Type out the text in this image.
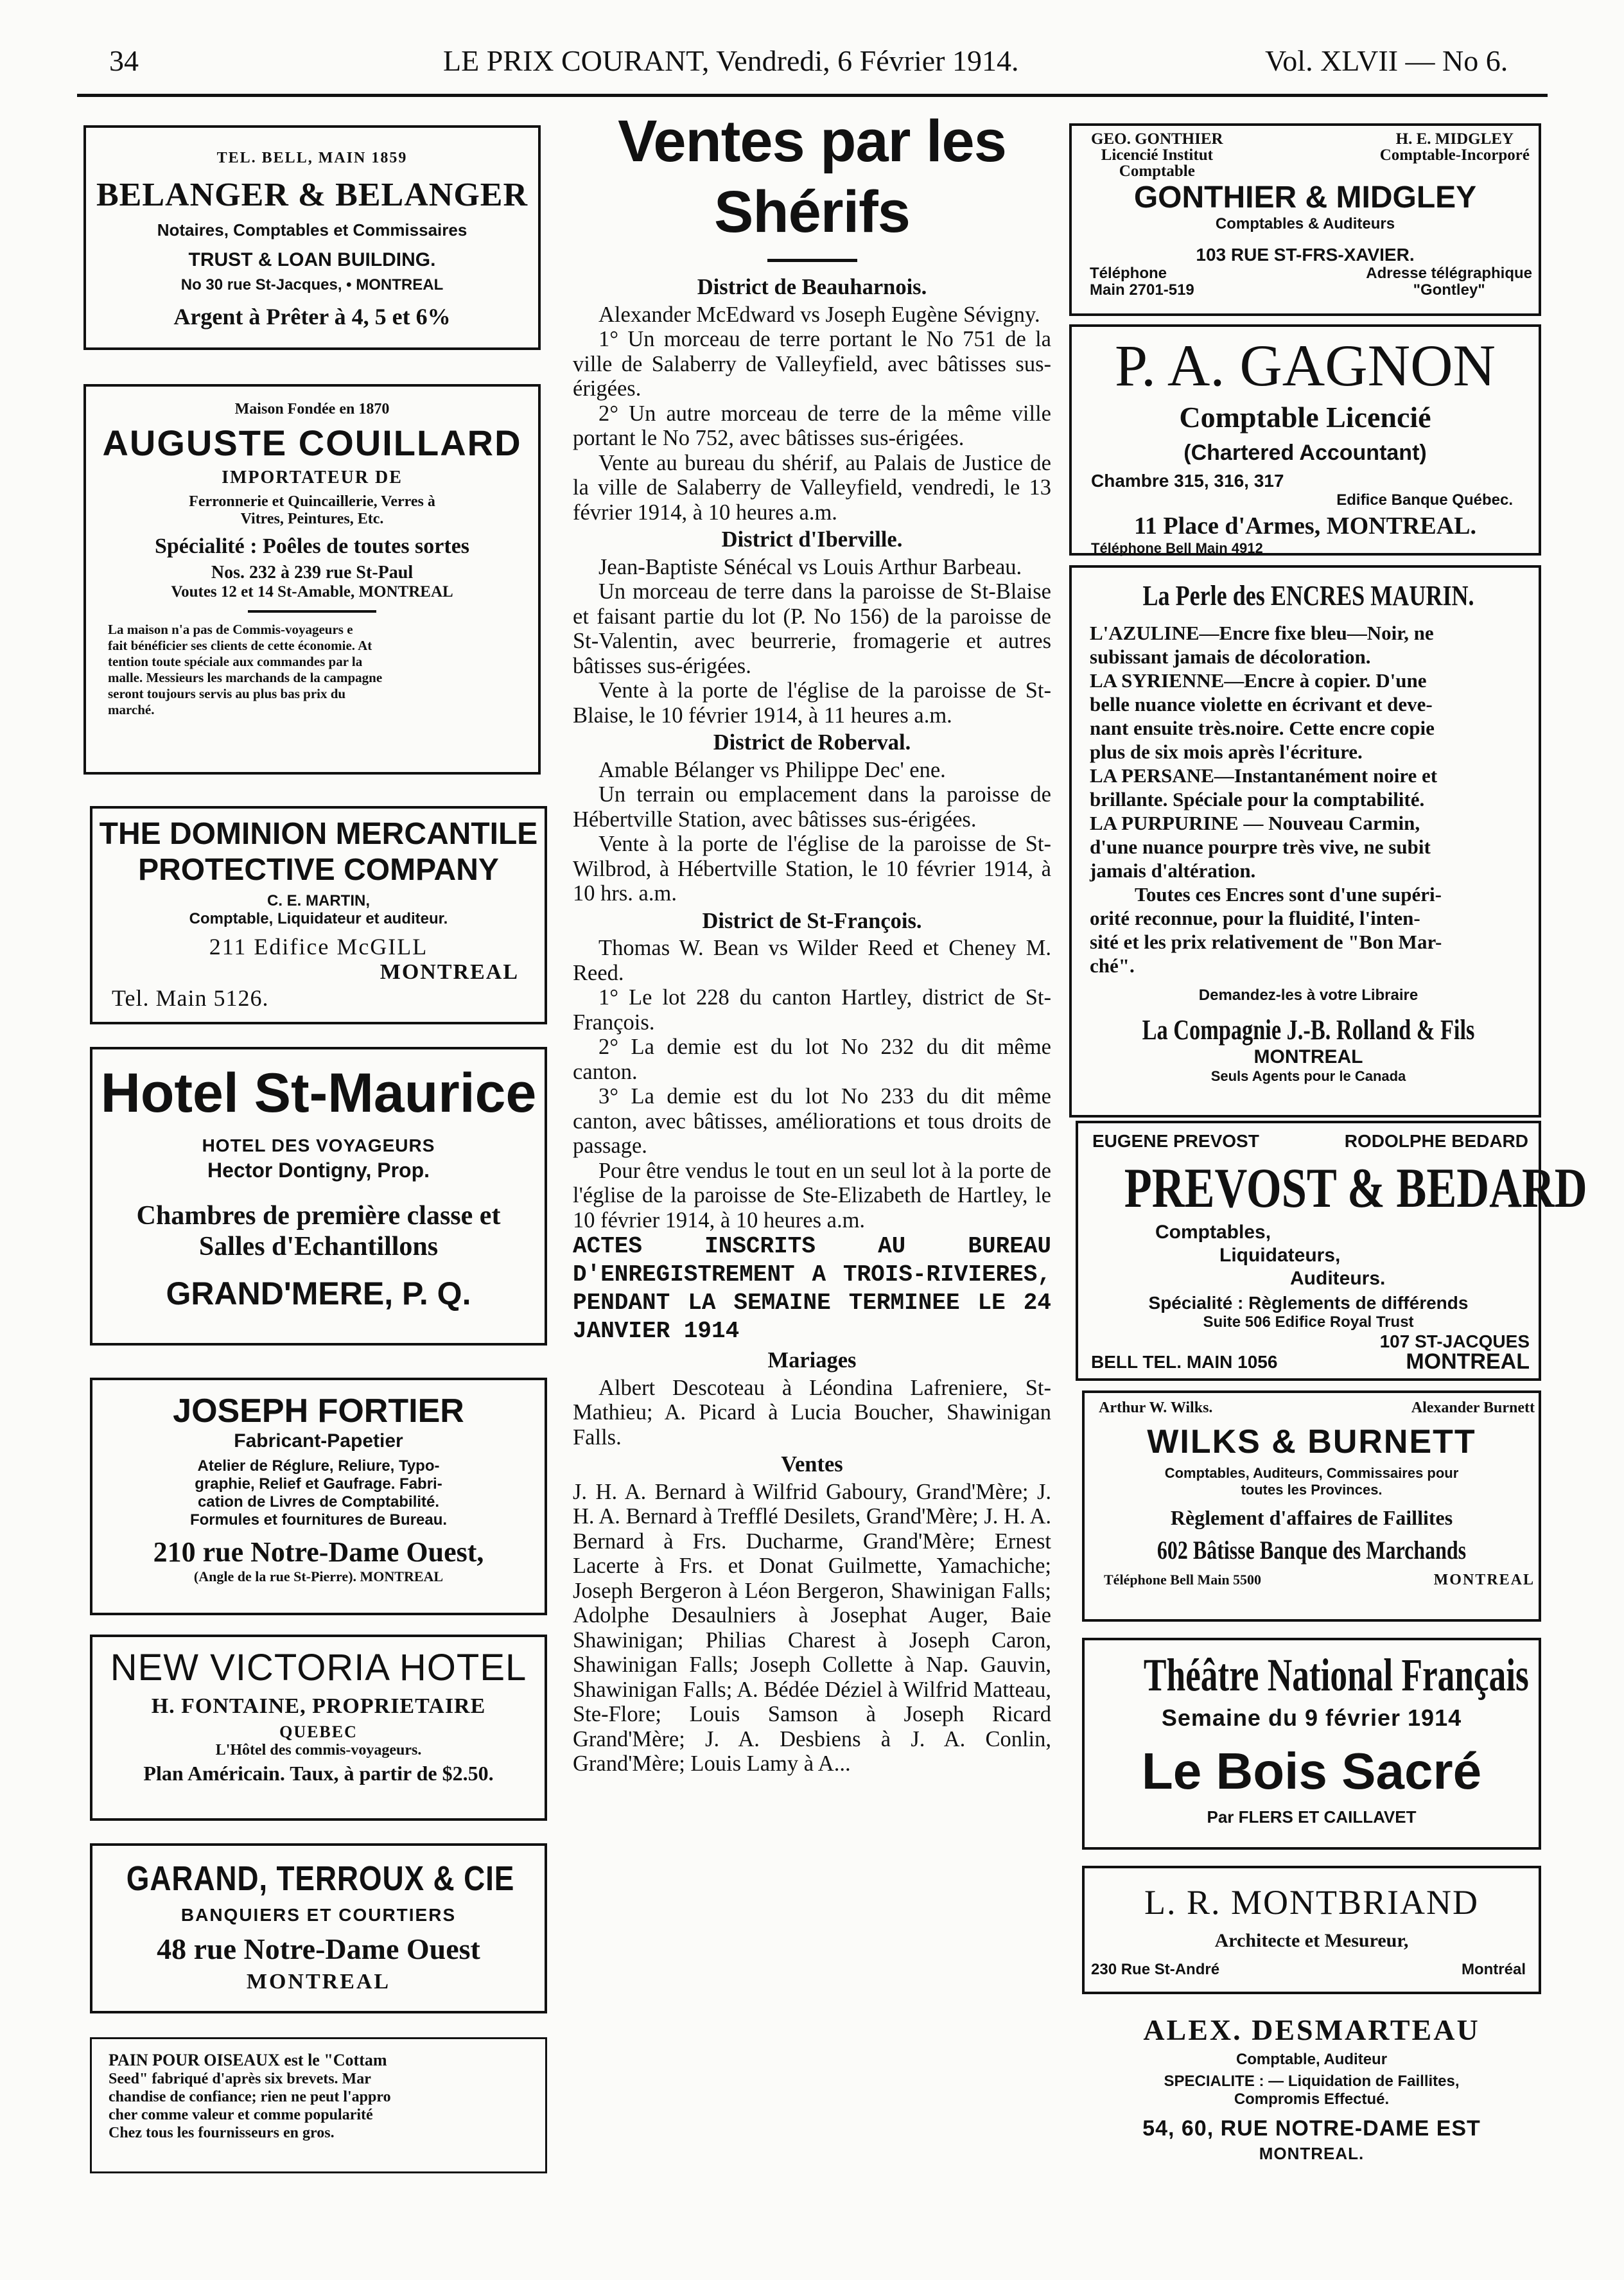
34	LE PRIX COURANT, Vendredi, 6 Février 1914.	Vol. XLVII — No 6.
TEL. BELL, MAIN 1859
BELANGER & BELANGER
Notaires, Comptables et Commissaires
TRUST & LOAN BUILDING.
No 30 rue St-Jacques, • MONTREAL
Argent à Prêter à 4, 5 et 6%
Maison Fondée en 1870
AUGUSTE COUILLARD
IMPORTATEUR DE
Ferronnerie et Quincaillerie, Verres à
Vitres, Peintures, Etc.
Spécialité : Poêles de toutes sortes
Nos. 232 à 239 rue St-Paul
Voutes 12 et 14 St-Amable, MONTREAL
La maison n'a pas de Commis-voyageurs e
fait bénéficier ses clients de cette économie. At
tention toute spéciale aux commandes par la
malle. Messieurs les marchands de la campagne
seront toujours servis au plus bas prix du
marché.
THE DOMINION MERCANTILE
PROTECTIVE COMPANY
C. E. MARTIN,
Comptable, Liquidateur et auditeur.
211 Edifice McGILL
MONTREAL
Tel. Main 5126.
Hotel St-Maurice
HOTEL DES VOYAGEURS
Hector Dontigny, Prop.
Chambres de première classe et
Salles d'Echantillons
GRAND'MERE, P. Q.
JOSEPH FORTIER
Fabricant-Papetier
Atelier de Réglure, Reliure, Typo-
graphie, Relief et Gaufrage. Fabri-
cation de Livres de Comptabilité.
Formules et fournitures de Bureau.
210 rue Notre-Dame Ouest,
(Angle de la rue St-Pierre). MONTREAL
NEW VICTORIA HOTEL
H. FONTAINE, PROPRIETAIRE
QUEBEC
L'Hôtel des commis-voyageurs.
Plan Américain. Taux, à partir de $2.50.
GARAND, TERROUX & CIE
BANQUIERS ET COURTIERS
48 rue Notre-Dame Ouest
MONTREAL
PAIN POUR OISEAUX est le "Cottam
Seed" fabriqué d'après six brevets. Mar
chandise de confiance; rien ne peut l'appro
cher comme valeur et comme popularité
Chez tous les fournisseurs en gros.
Ventes par les Shérifs

District de Beauharnois.

Alexander McEdward vs Joseph Eugène Sévigny.

1° Un morceau de terre portant le No 751 de la ville de Salaberry de Valleyfield, avec bâtisses sus-érigées.

2° Un autre morceau de terre de la même ville portant le No 752, avec bâtisses sus-érigées.

Vente au bureau du shérif, au Palais de Justice de la ville de Salaberry de Valleyfield, vendredi, le 13 février 1914, à 10 heures a.m.

District d'Iberville.

Jean-Baptiste Sénécal vs Louis Arthur Barbeau.

Un morceau de terre dans la paroisse de St-Blaise et faisant partie du lot (P. No 156) de la paroisse de St-Valentin, avec beurrerie, fromagerie et autres bâtisses sus-érigées.

Vente à la porte de l'église de la paroisse de St-Blaise, le 10 février 1914, à 11 heures a.m.

District de Roberval.

Amable Bélanger vs Philippe Dec' ene.

Un terrain ou emplacement dans la paroisse de Hébertville Station, avec bâtisses sus-érigées.

Vente à la porte de l'église de la paroisse de St-Wilbrod, à Hébertville Station, le 10 février 1914, à 10 hrs. a.m.

District de St-François.

Thomas W. Bean vs Wilder Reed et Cheney M. Reed.

1° Le lot 228 du canton Hartley, district de St-François.

2° La demie est du lot No 232 du dit même canton.

3° La demie est du lot No 233 du dit même canton, avec bâtisses, améliorations et tous droits de passage.

Pour être vendus le tout en un seul lot à la porte de l'église de la paroisse de Ste-Elizabeth de Hartley, le 10 février 1914, à 10 heures a.m.

ACTES INSCRITS AU BUREAU D'ENREGISTREMENT A TROIS-RIVIERES, PENDANT LA SEMAINE TERMINEE LE 24 JANVIER 1914

Mariages

Albert Descoteau à Léondina Lafreniere, St-Mathieu; A. Picard à Lucia Boucher, Shawinigan Falls.

Ventes

J. H. A. Bernard à Wilfrid Gaboury, Grand'Mère; J. H. A. Bernard à Trefflé Desilets, Grand'Mère; J. H. A. Bernard à Frs. Ducharme, Grand'Mère; Ernest Lacerte à Frs. et Donat Guilmette, Yamachiche; Joseph Bergeron à Léon Bergeron, Shawinigan Falls; Adolphe Desaulniers à Josephat Auger, Baie Shawinigan; Philias Charest à Joseph Caron, Shawinigan Falls; Joseph Collette à Nap. Gauvin, Shawinigan Falls; A. Bédée Déziel à Wilfrid Matteau, Ste-Flore; Louis Samson à Joseph Ricard Grand'Mère; J. A. Desbiens à J. A. Conlin, Grand'Mère; Louis Lamy à A...

GEO. GONTHIER
Licencié Institut
Comptable
H. E. MIDGLEY
Comptable-Incorporé
GONTHIER & MIDGLEY
Comptables & Auditeurs
103 RUE ST-FRS-XAVIER.
Téléphone
Main 2701-519
Adresse télégraphique
"Gontley"
P. A. GAGNON
Comptable Licencié
(Chartered Accountant)
Chambre 315, 316, 317
Edifice Banque Québec.
11 Place d'Armes, MONTREAL.
Téléphone Bell Main 4912
La Perle des ENCRES MAURIN.
L'AZULINE—Encre fixe bleu—Noir, ne
subissant jamais de décoloration.
LA SYRIENNE—Encre à copier. D'une
belle nuance violette en écrivant et deve-
nant ensuite très.noire. Cette encre copie
plus de six mois après l'écriture.
LA PERSANE—Instantanément noire et
brillante. Spéciale pour la comptabilité.
LA PURPURINE — Nouveau Carmin,
d'une nuance pourpre très vive, ne subit
jamais d'altération.
Toutes ces Encres sont d'une supéri-
orité reconnue, pour la fluidité, l'inten-
sité et les prix relativement de "Bon Mar-
ché".
Demandez-les à votre Libraire
La Compagnie J.-B. Rolland & Fils
MONTREAL
Seuls Agents pour le Canada
EUGENE PREVOST	RODOLPHE BEDARD
PREVOST & BEDARD
Comptables,
Liquidateurs,
Auditeurs.
Spécialité : Règlements de différends
Suite 506 Edifice Royal Trust
107 ST-JACQUES
BELL TEL. MAIN 1056	MONTREAL
Arthur W. Wilks.	Alexander Burnett
WILKS & BURNETT
Comptables, Auditeurs, Commissaires pour
toutes les Provinces.
Règlement d'affaires de Faillites
602 Bâtisse Banque des Marchands
Téléphone Bell Main 5500	MONTREAL
Théâtre National Français
Semaine du 9 février 1914
Le Bois Sacré
Par FLERS ET CAILLAVET
L. R. MONTBRIAND
Architecte et Mesureur,
230 Rue St-André	Montréal
ALEX. DESMARTEAU
Comptable, Auditeur
SPECIALITE : — Liquidation de Faillites,
Compromis Effectué.
54, 60, RUE NOTRE-DAME EST
MONTREAL.
